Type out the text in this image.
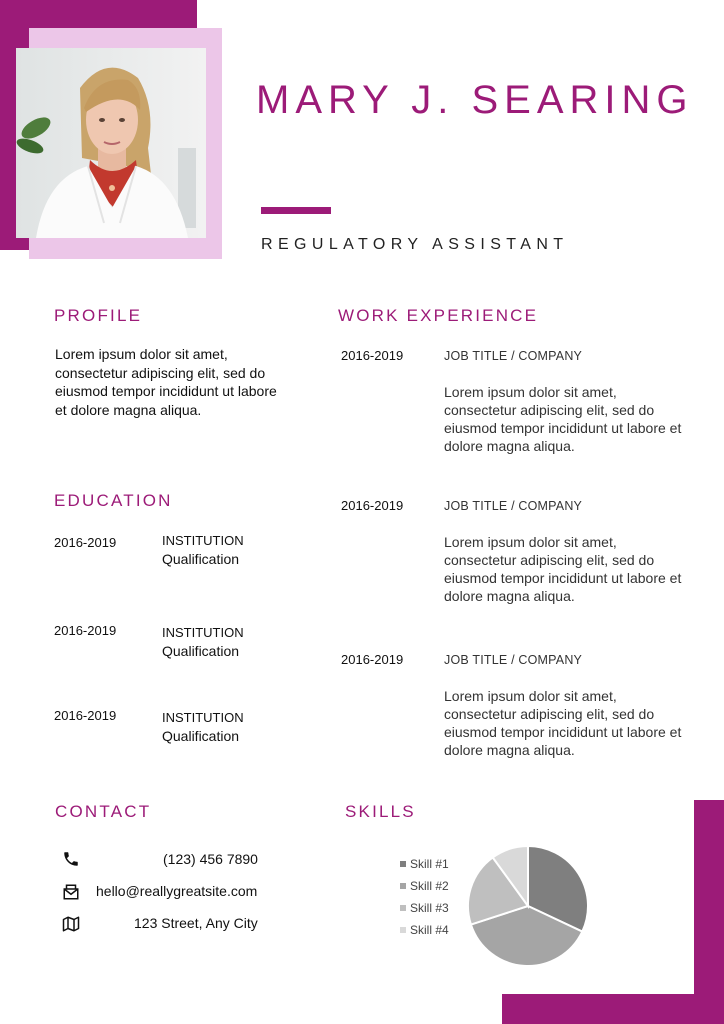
MARY J. SEARING
REGULATORY ASSISTANT
PROFILE
Lorem ipsum dolor sit amet, consectetur adipiscing elit, sed do eiusmod tempor incididunt ut labore et dolore magna aliqua.
EDUCATION
2016-2019	INSTITUTION
Qualification
2016-2019	INSTITUTION
Qualification
2016-2019	INSTITUTION
Qualification
WORK EXPERIENCE
2016-2019	JOB TITLE / COMPANY
Lorem ipsum dolor sit amet, consectetur adipiscing elit, sed do eiusmod tempor incididunt ut labore et dolore magna aliqua.
2016-2019	JOB TITLE / COMPANY
Lorem ipsum dolor sit amet, consectetur adipiscing elit, sed do eiusmod tempor incididunt ut labore et dolore magna aliqua.
2016-2019	JOB TITLE / COMPANY
Lorem ipsum dolor sit amet, consectetur adipiscing elit, sed do eiusmod tempor incididunt ut labore et dolore magna aliqua.
CONTACT
(123) 456 7890
hello@reallygreatsite.com
123 Street, Any City
SKILLS
Skill #1
Skill #2
Skill #3
Skill #4
